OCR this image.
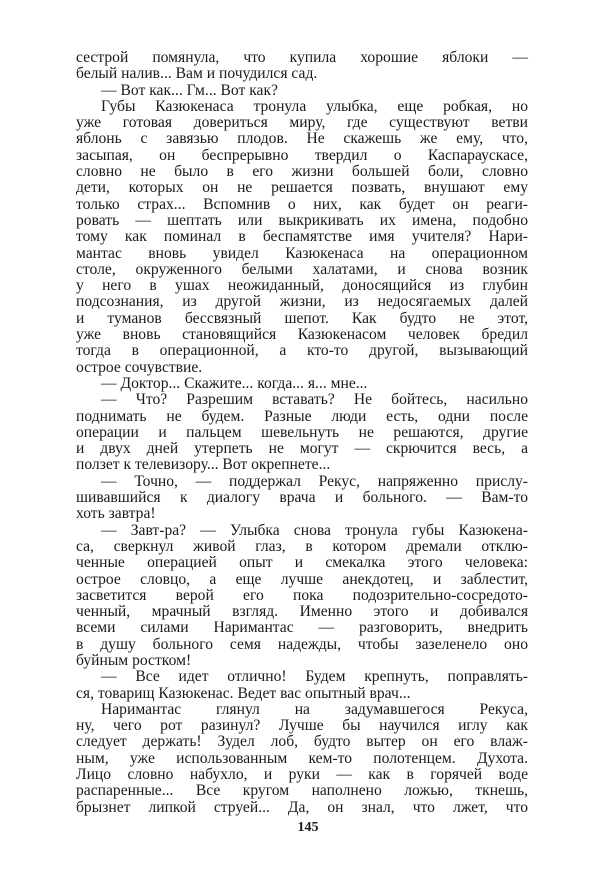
сестрой помянула, что купила хорошие яблоки —
белый налив... Вам и почудился сад.
— Вот как... Гм... Вот как?
Губы Казюкенаса тронула улыбка, еще робкая, но
уже готовая довериться миру, где существуют ветви
яблонь с завязью плодов. Не скажешь же ему, что,
засыпая, он беспрерывно твердил о Каспараускасе,
словно не было в его жизни большей боли, словно
дети, которых он не решается позвать, внушают ему
только страх... Вспомнив о них, как будет он реаги-
ровать — шептать или выкрикивать их имена, подобно
тому как поминал в беспамятстве имя учителя? Нари-
мантас вновь увидел Казюкенаса на операционном
столе, окруженного белыми халатами, и снова возник
у него в ушах неожиданный, доносящийся из глубин
подсознания, из другой жизни, из недосягаемых далей
и туманов бессвязный шепот. Как будто не этот,
уже вновь становящийся Казюкенасом человек бредил
тогда в операционной, а кто-то другой, вызывающий
острое сочувствие.
— Доктор... Скажите... когда... я... мне...
— Что? Разрешим вставать? Не бойтесь, насильно
поднимать не будем. Разные люди есть, одни после
операции и пальцем шевельнуть не решаются, другие
и двух дней утерпеть не могут — скрючится весь, а
ползет к телевизору... Вот окрепнете...
— Точно, — поддержал Рекус, напряженно прислу-
шивавшийся к диалогу врача и больного. — Вам-то
хоть завтра!
— Завт-ра? — Улыбка снова тронула губы Казюкена-
са, сверкнул живой глаз, в котором дремали отклю-
ченные операцией опыт и смекалка этого человека:
острое словцо, а еще лучше анекдотец, и заблестит,
засветится верой его пока подозрительно-сосредото-
ченный, мрачный взгляд. Именно этого и добивался
всеми силами Наримантас — разговорить, внедрить
в душу больного семя надежды, чтобы зазеленело оно
буйным ростком!
— Все идет отлично! Будем крепнуть, поправлять-
ся, товарищ Казюкенас. Ведет вас опытный врач...
Наримантас глянул на задумавшегося Рекуса,
ну, чего рот разинул? Лучше бы научился иглу как
следует держать! Зудел лоб, будто вытер он его влаж-
ным, уже использованным кем-то полотенцем. Духота.
Лицо словно набухло, и руки — как в горячей воде
распаренные... Все кругом наполнено ложью, ткнешь,
брызнет липкой струей... Да, он знал, что лжет, что
145
